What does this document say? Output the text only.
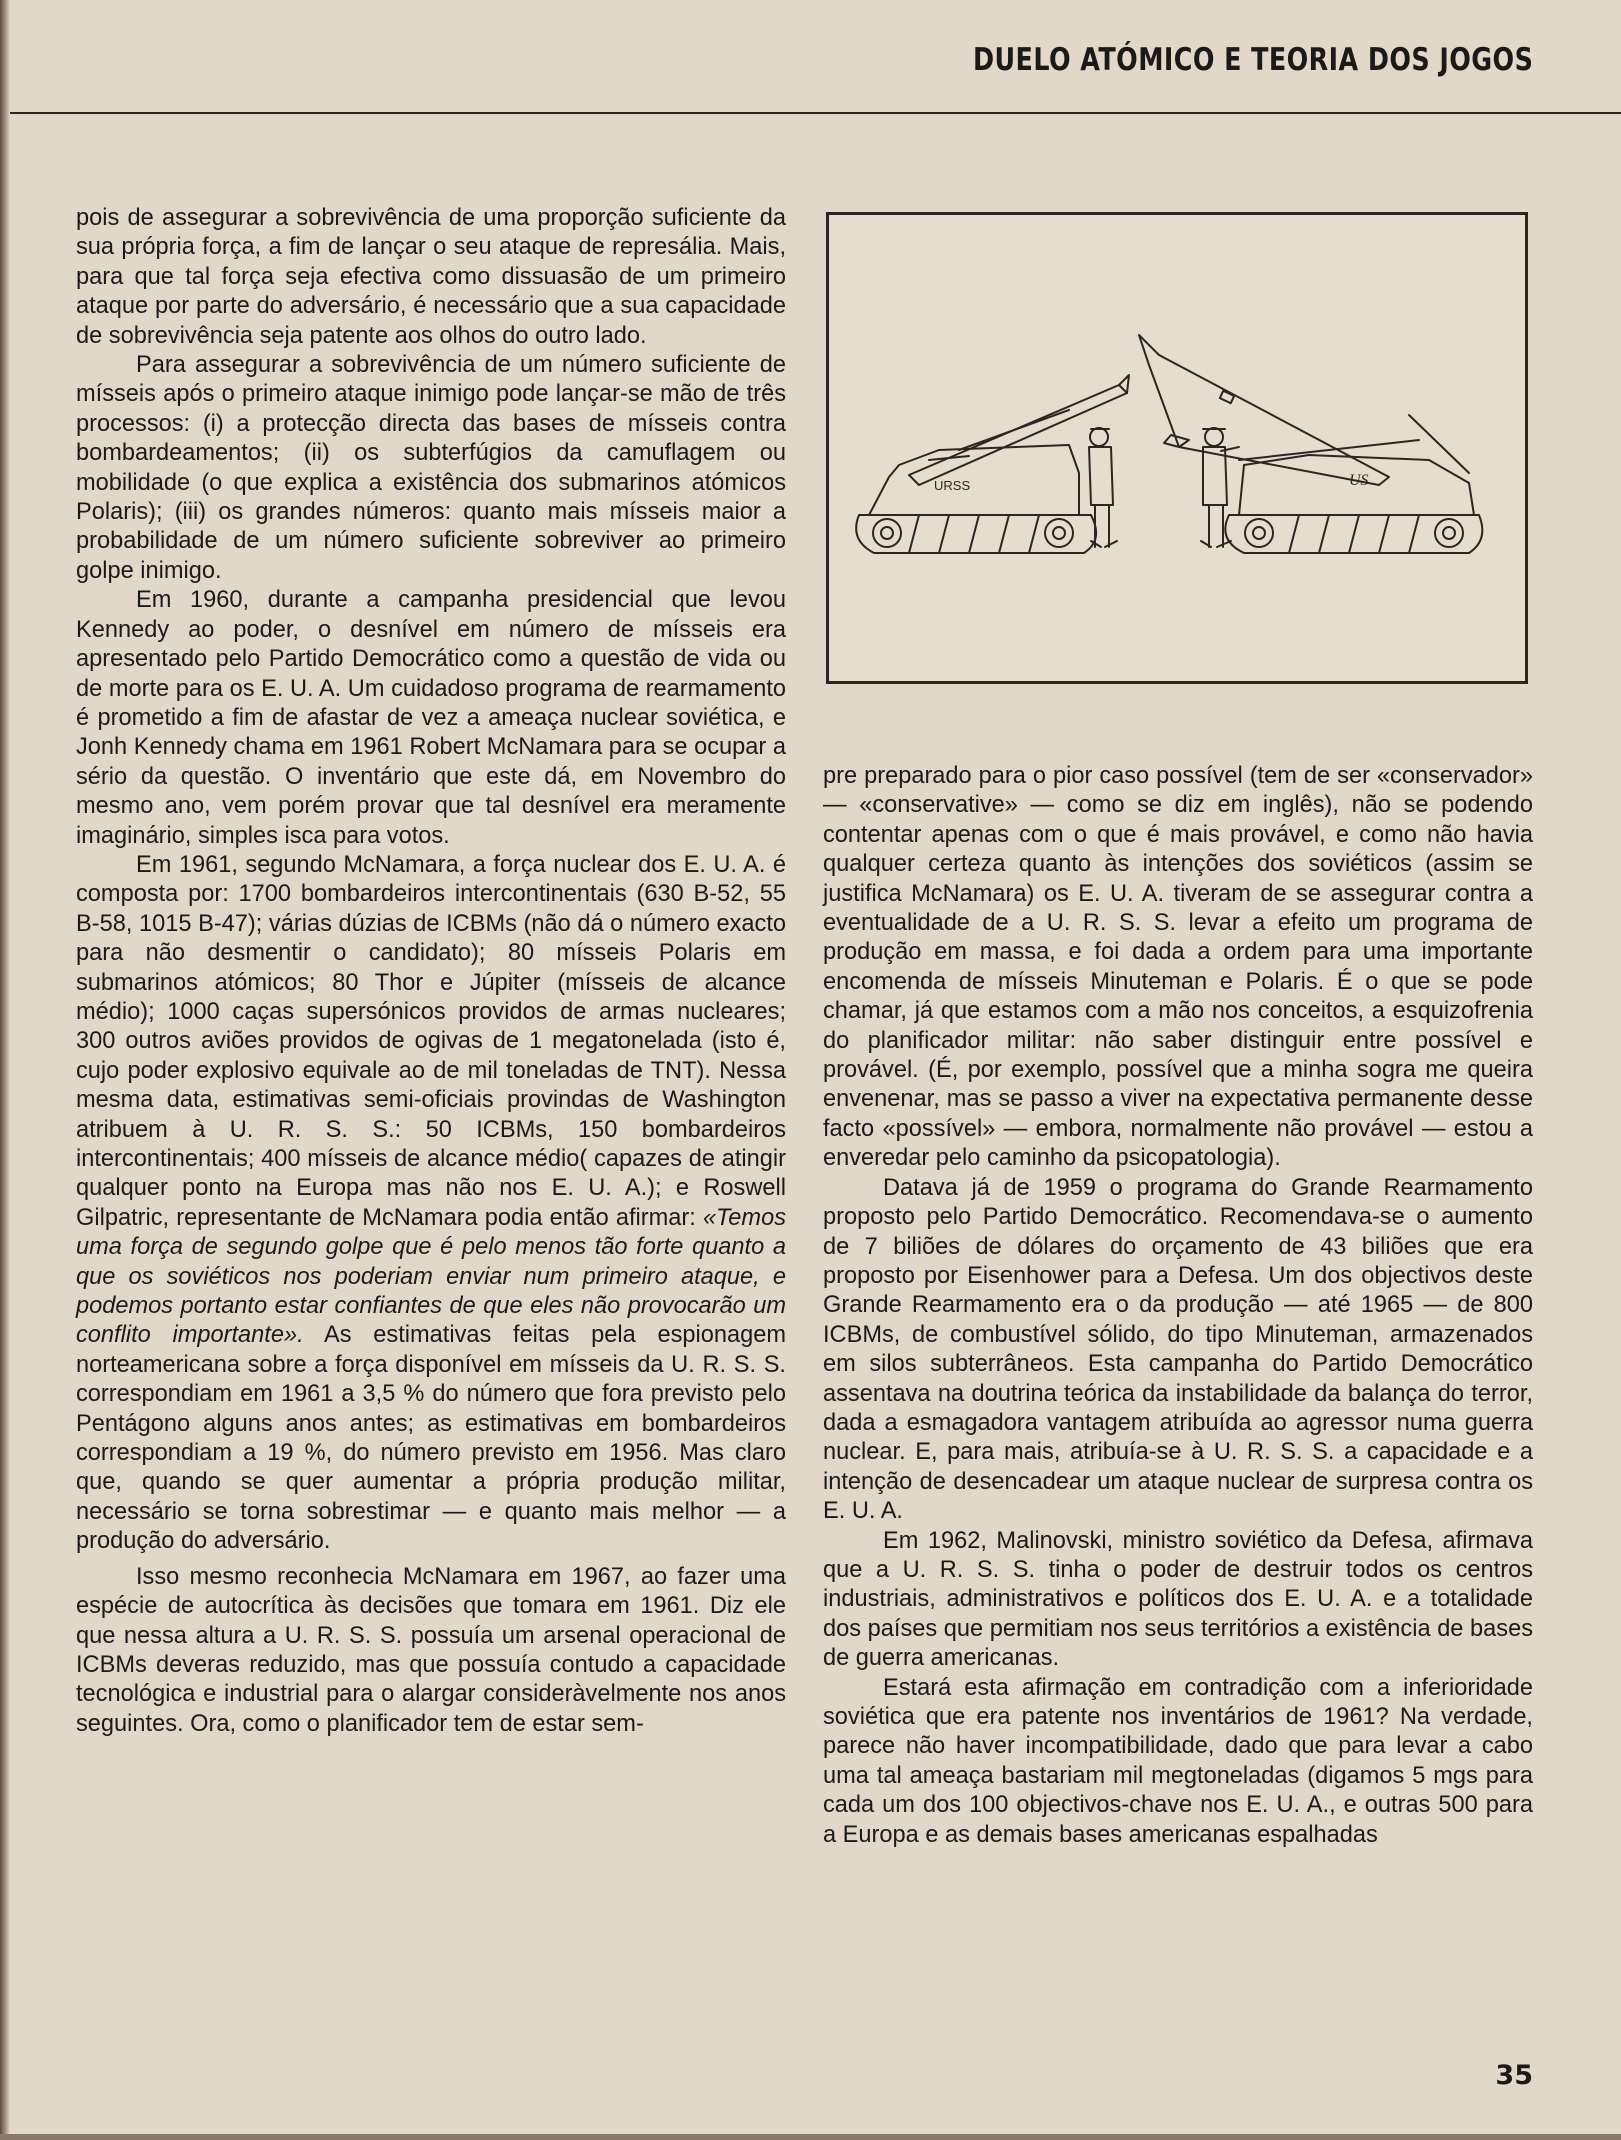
DUELO ATÓMICO E TEORIA DOS JOGOS

pois de assegurar a sobrevivência de uma proporção suficiente da sua própria força, a fim de lançar o seu ataque de represália. Mais, para que tal força seja efectiva como dissuasão de um primeiro ataque por parte do adversário, é necessário que a sua capacidade de sobrevivência seja patente aos olhos do outro lado.

Para assegurar a sobrevivência de um número suficiente de mísseis após o primeiro ataque inimigo pode lançar-se mão de três processos: (i) a protecção directa das bases de mísseis contra bombardeamentos; (ii) os subterfúgios da camuflagem ou mobilidade (o que explica a existência dos submarinos atómicos Polaris); (iii) os grandes números: quanto mais mísseis maior a probabilidade de um número suficiente sobreviver ao primeiro golpe inimigo.

Em 1960, durante a campanha presidencial que levou Kennedy ao poder, o desnível em número de mísseis era apresentado pelo Partido Democrático como a questão de vida ou de morte para os E. U. A. Um cuidadoso programa de rearmamento é prometido a fim de afastar de vez a ameaça nuclear soviética, e Jonh Kennedy chama em 1961 Robert McNamara para se ocupar a sério da questão. O inventário que este dá, em Novembro do mesmo ano, vem porém provar que tal desnível era meramente imaginário, simples isca para votos.

Em 1961, segundo McNamara, a força nuclear dos E. U. A. é composta por: 1700 bombardeiros intercontinentais (630 B-52, 55 B-58, 1015 B-47); várias dúzias de ICBMs (não dá o número exacto para não desmentir o candidato); 80 mísseis Polaris em submarinos atómicos; 80 Thor e Júpiter (mísseis de alcance médio); 1000 caças supersónicos providos de armas nucleares; 300 outros aviões providos de ogivas de 1 megatonelada (isto é, cujo poder explosivo equivale ao de mil toneladas de TNT). Nessa mesma data, estimativas semi-oficiais provindas de Washington atribuem à U. R. S. S.: 50 ICBMs, 150 bombardeiros intercontinentais; 400 mísseis de alcance médio( capazes de atingir qualquer ponto na Europa mas não nos E. U. A.); e Roswell Gilpatric, representante de McNamara podia então afirmar: «Temos uma força de segundo golpe que é pelo menos tão forte quanto a que os soviéticos nos poderiam enviar num primeiro ataque, e podemos portanto estar confiantes de que eles não provocarão um conflito importante». As estimativas feitas pela espionagem norteamericana sobre a força disponível em mísseis da U. R. S. S. correspondiam em 1961 a 3,5 % do número que fora previsto pelo Pentágono alguns anos antes; as estimativas em bombardeiros correspondiam a 19 %, do número previsto em 1956. Mas claro que, quando se quer aumentar a própria produção militar, necessário se torna sobrestimar — e quanto mais melhor — a produção do adversário.

Isso mesmo reconhecia McNamara em 1967, ao fazer uma espécie de autocrítica às decisões que tomara em 1961. Diz ele que nessa altura a U. R. S. S. possuía um arsenal operacional de ICBMs deveras reduzido, mas que possuía contudo a capacidade tecnológica e industrial para o alargar consideràvelmente nos anos seguintes. Ora, como o planificador tem de estar sem-

URSS	US

pre preparado para o pior caso possível (tem de ser «conservador» — «conservative» — como se diz em inglês), não se podendo contentar apenas com o que é mais provável, e como não havia qualquer certeza quanto às intenções dos soviéticos (assim se justifica McNamara) os E. U. A. tiveram de se assegurar contra a eventualidade de a U. R. S. S. levar a efeito um programa de produção em massa, e foi dada a ordem para uma importante encomenda de mísseis Minuteman e Polaris. É o que se pode chamar, já que estamos com a mão nos conceitos, a esquizofrenia do planificador militar: não saber distinguir entre possível e provável. (É, por exemplo, possível que a minha sogra me queira envenenar, mas se passo a viver na expectativa permanente desse facto «possível» — embora, normalmente não provável — estou a enveredar pelo caminho da psicopatologia).

Datava já de 1959 o programa do Grande Rearmamento proposto pelo Partido Democrático. Recomendava-se o aumento de 7 biliões de dólares do orçamento de 43 biliões que era proposto por Eisenhower para a Defesa. Um dos objectivos deste Grande Rearmamento era o da produção — até 1965 — de 800 ICBMs, de combustível sólido, do tipo Minuteman, armazenados em silos subterrâneos. Esta campanha do Partido Democrático assentava na doutrina teórica da instabilidade da balança do terror, dada a esmagadora vantagem atribuída ao agressor numa guerra nuclear. E, para mais, atribuía-se à U. R. S. S. a capacidade e a intenção de desencadear um ataque nuclear de surpresa contra os E. U. A.

Em 1962, Malinovski, ministro soviético da Defesa, afirmava que a U. R. S. S. tinha o poder de destruir todos os centros industriais, administrativos e políticos dos E. U. A. e a totalidade dos países que permitiam nos seus territórios a existência de bases de guerra americanas.

Estará esta afirmação em contradição com a inferioridade soviética que era patente nos inventários de 1961? Na verdade, parece não haver incompatibilidade, dado que para levar a cabo uma tal ameaça bastariam mil megtoneladas (digamos 5 mgs para cada um dos 100 objectivos-chave nos E. U. A., e outras 500 para a Europa e as demais bases americanas espalhadas

35
